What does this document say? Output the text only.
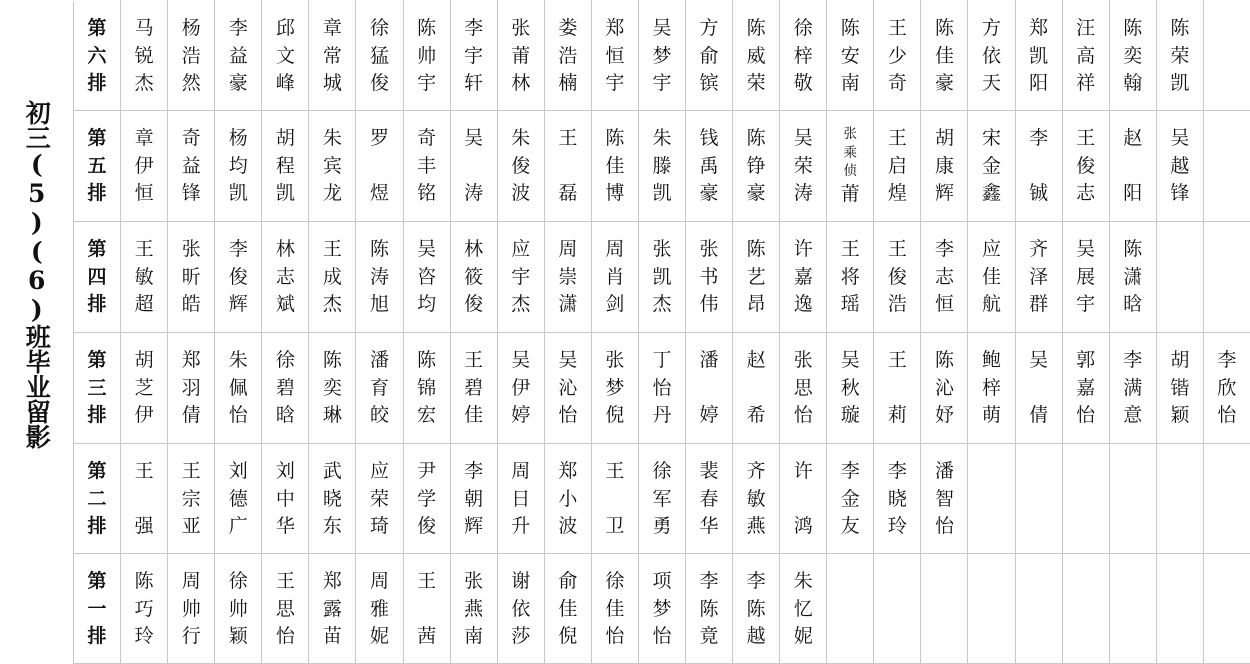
初三(5)(6)班毕业留影
第
六
排	马
锐
杰	杨
浩
然	李
益
豪	邱
文
峰	章
常
城	徐
猛
俊	陈
帅
宇	李
宇
轩	张
莆
林	娄
浩
楠	郑
恒
宇	吴
梦
宇	方
俞
镔	陈
威
荣	徐
梓
敬	陈
安
南	王
少
奇	陈
佳
豪	方
依
天	郑
凯
阳	汪
高
祥	陈
奕
翰	陈
荣
凯	

第
五
排	章
伊
恒	奇
益
锋	杨
均
凯	胡
程
凯	朱
宾
龙	罗
煜	奇
丰
铭	吴
涛	朱
俊
波	王
磊	陈
佳
博	朱
滕
凯	钱
禹
豪	陈
铮
豪	吴
荣
涛	张
乘
侦
莆	王
启
煌	胡
康
辉	宋
金
鑫	李
铖	王
俊
志	赵
阳	吴
越
锋	

第
四
排	王
敏
超	张
昕
皓	李
俊
辉	林
志
斌	王
成
杰	陈
涛
旭	吴
咨
均	林
筱
俊	应
宇
杰	周
崇
潇	周
肖
剑	张
凯
杰	张
书
伟	陈
艺
昂	许
嘉
逸	王
将
瑶	王
俊
浩	李
志
恒	应
佳
航	齐
泽
群	吴
展
宇	陈
潇
晗		

第
三
排	胡
芝
伊	郑
羽
倩	朱
佩
怡	徐
碧
晗	陈
奕
琳	潘
育
皎	陈
锦
宏	王
碧
佳	吴
伊
婷	吴
沁
怡	张
梦
倪	丁
怡
丹	潘
婷	赵
希	张
思
怡	吴
秋
璇	王
莉	陈
沁
妤	鲍
梓
萌	吴
倩	郭
嘉
怡	李
满
意	胡
锴
颖	李
欣
怡

第
二
排	王
强	王
宗
亚	刘
德
广	刘
中
华	武
晓
东	应
荣
琦	尹
学
俊	李
朝
辉	周
日
升	郑
小
波	王
卫	徐
军
勇	裴
春
华	齐
敏
燕	许
鸿	李
金
友	李
晓
玲	潘
智
怡						

第
一
排	陈
巧
玲	周
帅
行	徐
帅
颖	王
思
怡	郑
露
苗	周
雅
妮	王
茜	张
燕
南	谢
依
莎	俞
佳
倪	徐
佳
怡	项
梦
怡	李
陈
竟	李
陈
越	朱
忆
妮									
